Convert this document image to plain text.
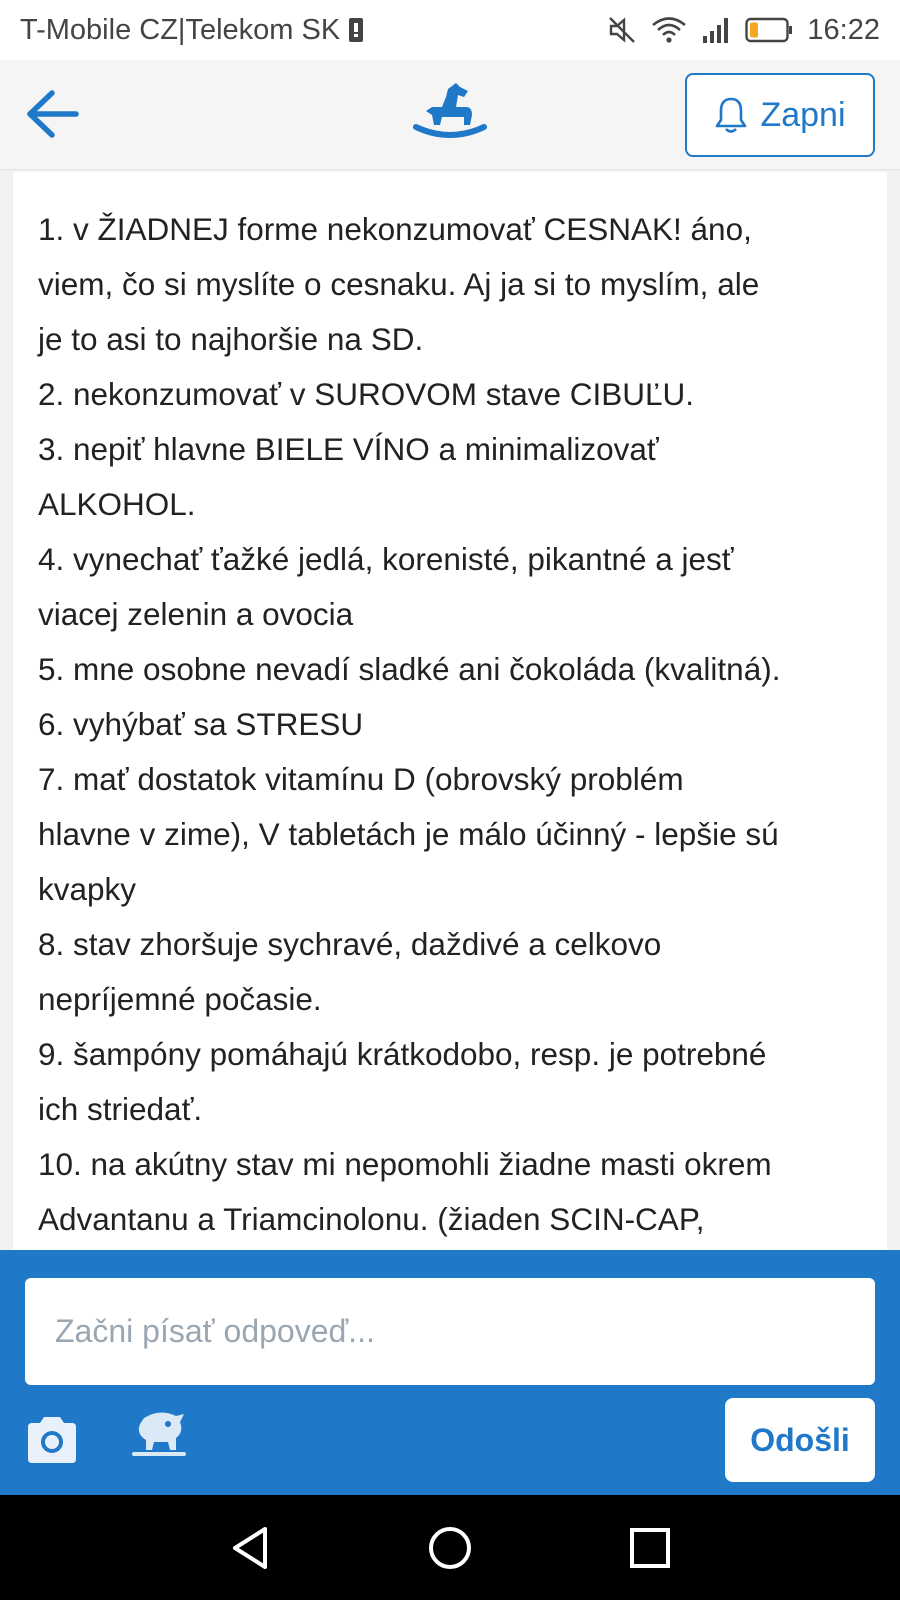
T-Mobile CZ|Telekom SK	16:22
Zapni
1. v ŽIADNEJ forme nekonzumovať CESNAK! áno,
viem, čo si myslíte o cesnaku. Aj ja si to myslím, ale
je to asi to najhoršie na SD.
2. nekonzumovať v SUROVOM stave CIBUĽU.
3. nepiť hlavne BIELE VÍNO a minimalizovať
ALKOHOL.
4. vynechať ťažké jedlá, korenisté, pikantné a jesť
viacej zelenin a ovocia
5. mne osobne nevadí sladké ani čokoláda (kvalitná).
6. vyhýbať sa STRESU
7. mať dostatok vitamínu D (obrovský problém
hlavne v zime), V tabletách je málo účinný - lepšie sú
kvapky
8. stav zhoršuje sychravé, daždivé a celkovo
nepríjemné počasie.
9. šampóny pomáhajú krátkodobo, resp. je potrebné
ich striedať.
10. na akútny stav mi nepomohli žiadne masti okrem
Advantanu a Triamcinolonu. (žiaden SCIN-CAP,
Začni písať odpoveď...
Odošli
